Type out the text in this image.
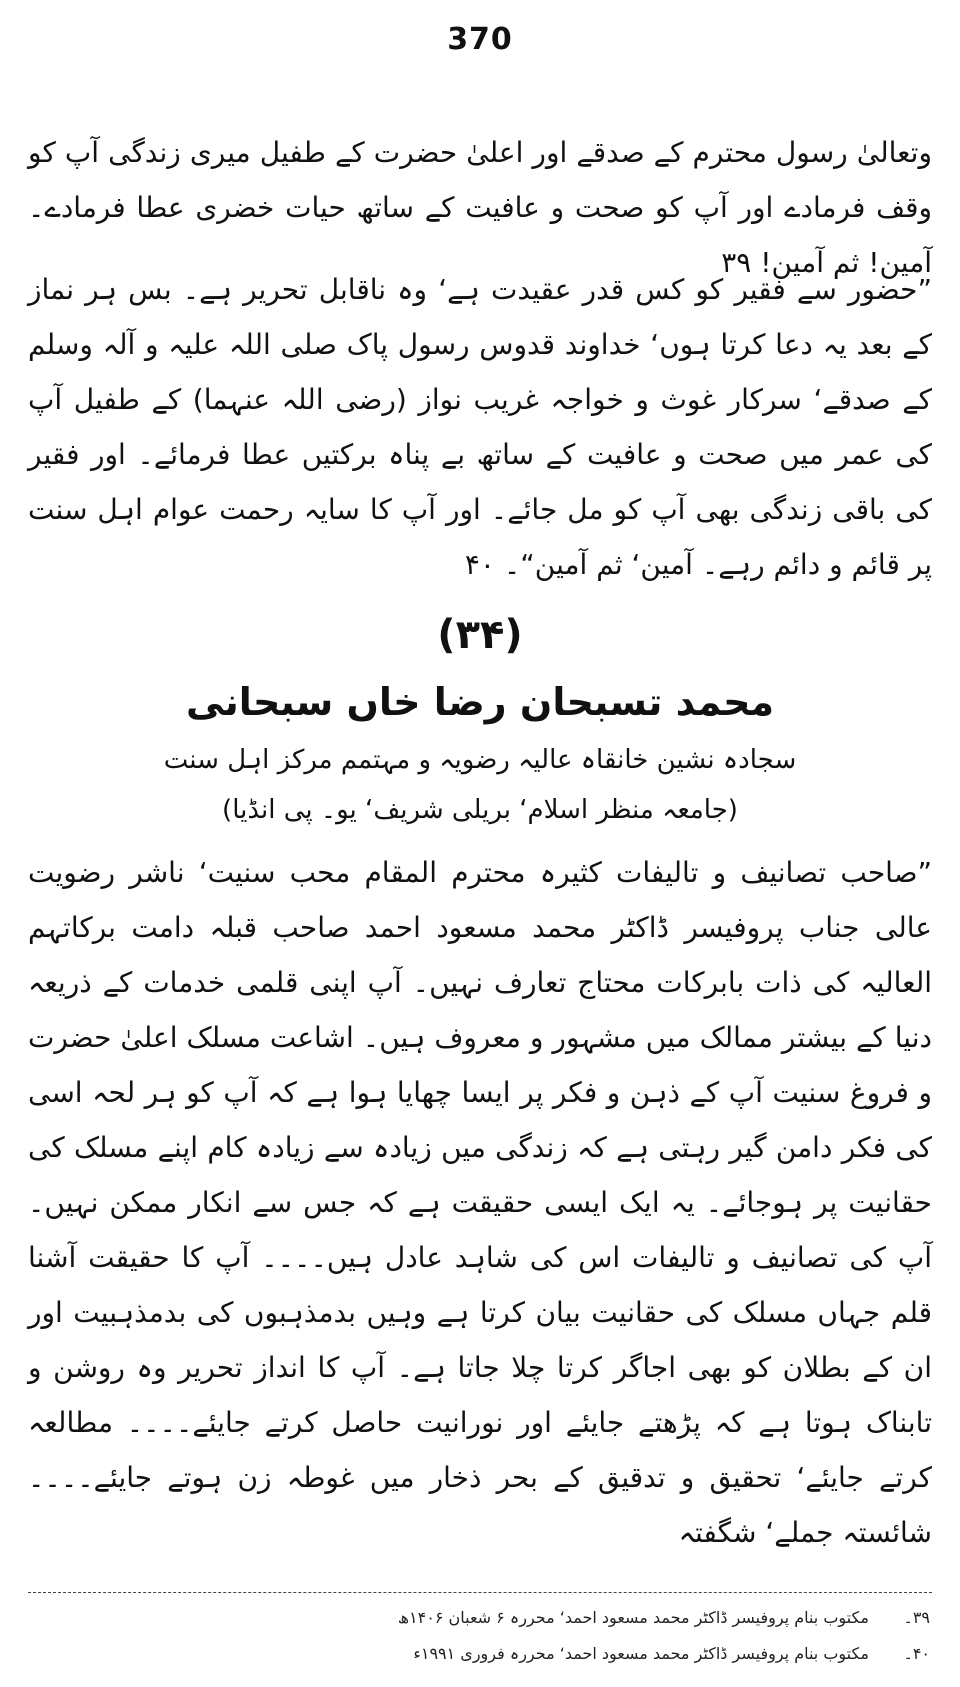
370
وتعالیٰ رسول محترم کے صدقے اور اعلیٰ حضرت کے طفیل میری زندگی آپ کو وقف فرمادے اور آپ کو صحت و عافیت کے ساتھ حیات خضری عطا فرمادے۔ آمین! ثم آمین! ۳۹
”حضور سے فقیر کو کس قدر عقیدت ہے‘ وہ ناقابل تحریر ہے۔ بس ہر نماز کے بعد یہ دعا کرتا ہوں‘ خداوند قدوس رسول پاک صلی اللہ علیہ و آلہ وسلم کے صدقے‘ سرکار غوث و خواجہ غریب نواز (رضی اللہ عنہما) کے طفیل آپ کی عمر میں صحت و عافیت کے ساتھ بے پناہ برکتیں عطا فرمائے۔ اور فقیر کی باقی زندگی بھی آپ کو مل جائے۔ اور آپ کا سایہ رحمت عوام اہل سنت پر قائم و دائم رہے۔ آمین‘ ثم آمین“۔ ۴۰
(۳۴)
محمد تسبحان رضا خاں سبحانی
سجادہ نشین خانقاہ عالیہ رضویہ و مہتمم مرکز اہل سنت
(جامعہ منظر اسلام‘ بریلی شریف‘ یو۔ پی انڈیا)
”صاحب تصانیف و تالیفات کثیرہ محترم المقام محب سنیت‘ ناشر رضویت عالی جناب پروفیسر ڈاکٹر محمد مسعود احمد صاحب قبلہ دامت برکاتہم العالیہ کی ذات بابرکات محتاج تعارف نہیں۔ آپ اپنی قلمی خدمات کے ذریعہ دنیا کے بیشتر ممالک میں مشہور و معروف ہیں۔ اشاعت مسلک اعلیٰ حضرت و فروغ سنیت آپ کے ذہن و فکر پر ایسا چھایا ہوا ہے کہ آپ کو ہر لحہ اسی کی فکر دامن گیر رہتی ہے کہ زندگی میں زیادہ سے زیادہ کام اپنے مسلک کی حقانیت پر ہوجائے۔ یہ ایک ایسی حقیقت ہے کہ جس سے انکار ممکن نہیں۔ آپ کی تصانیف و تالیفات اس کی شاہد عادل ہیں۔۔۔۔ آپ کا حقیقت آشنا قلم جہاں مسلک کی حقانیت بیان کرتا ہے وہیں بدمذہبوں کی بدمذہبیت اور ان کے بطلان کو بھی اجاگر کرتا چلا جاتا ہے۔ آپ کا انداز تحریر وہ روشن و تابناک ہوتا ہے کہ پڑھتے جایئے اور نورانیت حاصل کرتے جایئے۔۔۔۔ مطالعہ کرتے جایئے‘ تحقیق و تدقیق کے بحر ذخار میں غوطہ زن ہوتے جایئے۔۔۔۔ شائستہ جملے‘ شگفتہ
۳۹۔ مکتوب بنام پروفیسر ڈاکٹر محمد مسعود احمد‘ محررہ ۶ شعبان ۱۴۰۶ھ
۴۰۔ مکتوب بنام پروفیسر ڈاکٹر محمد مسعود احمد‘ محررہ فروری ۱۹۹۱ء
